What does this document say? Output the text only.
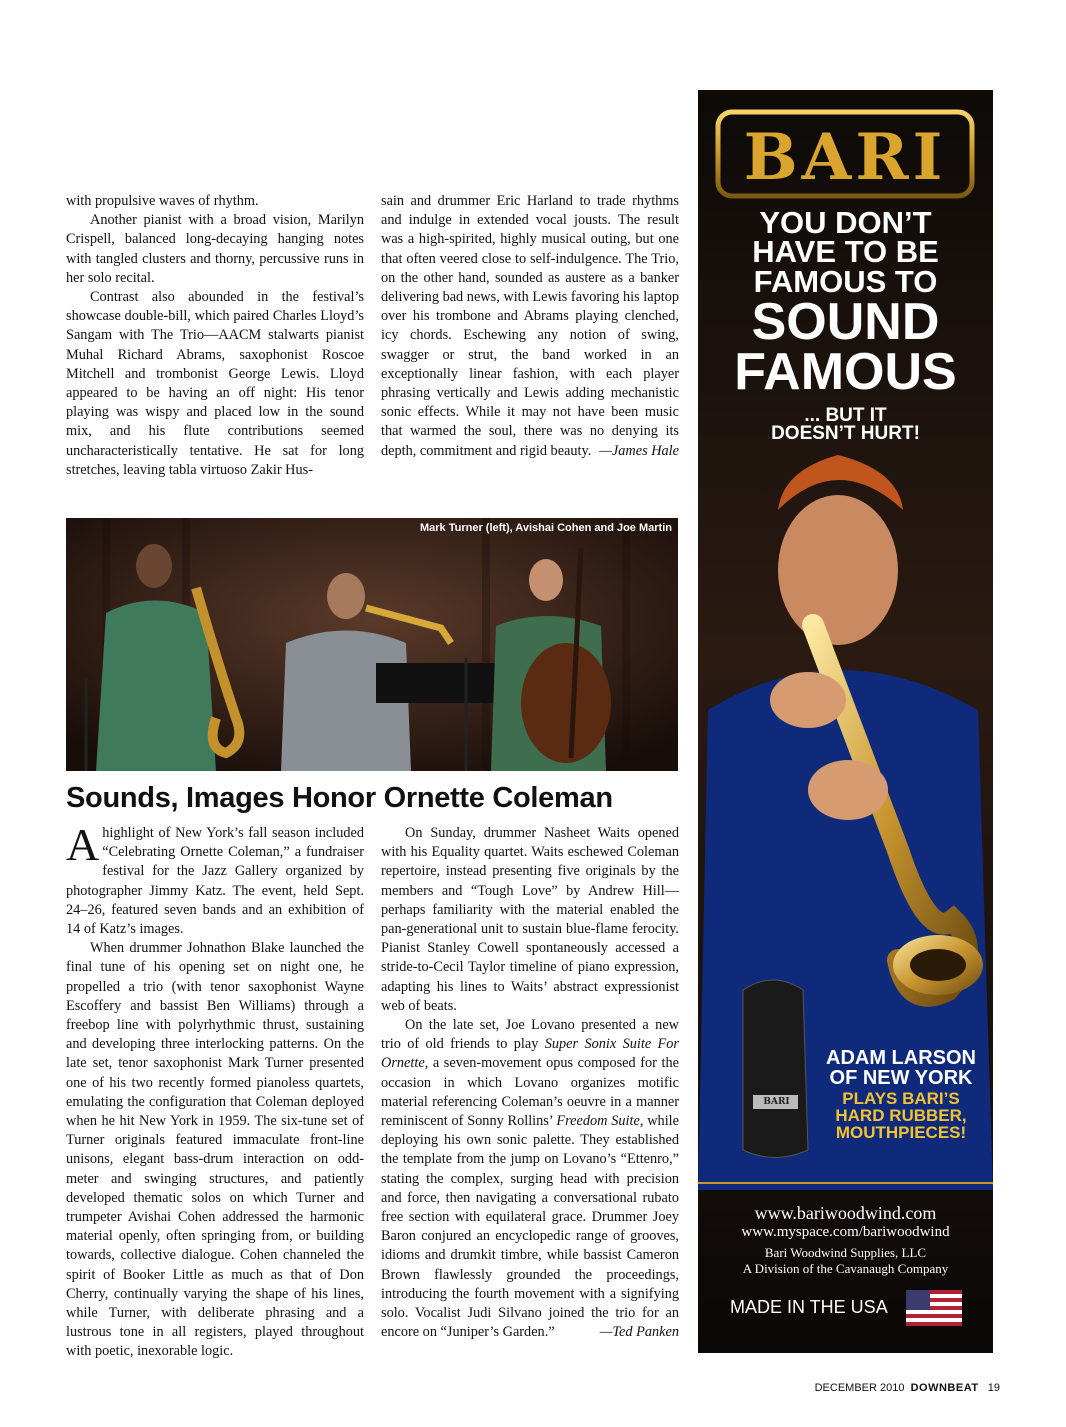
with propulsive waves of rhythm.

Another pianist with a broad vision, Marilyn Crispell, balanced long-decaying hanging notes with tangled clusters and thorny, percussive runs in her solo recital.

Contrast also abounded in the festival’s showcase double-bill, which paired Charles Lloyd’s Sangam with The Trio—AACM stalwarts pianist Muhal Richard Abrams, saxophonist Roscoe Mitchell and trombonist George Lewis. Lloyd appeared to be having an off night: His tenor playing was wispy and placed low in the sound mix, and his flute contributions seemed uncharacteristically tentative. He sat for long stretches, leaving tabla virtuoso Zakir Hus-

sain and drummer Eric Harland to trade rhythms and indulge in extended vocal jousts. The result was a high-spirited, highly musical outing, but one that often veered close to self-indulgence. The Trio, on the other hand, sounded as austere as a banker delivering bad news, with Lewis favoring his laptop over his trombone and Abrams playing clenched, icy chords. Eschewing any notion of swing, swagger or strut, the band worked in an exceptionally linear fashion, with each player phrasing vertically and Lewis adding mechanistic sonic effects. While it may not have been music that warmed the soul, there was no denying its depth, commitment and rigid beauty. —James Hale

Mark Turner (left), Avishai Cohen and Joe Martin
LUCIANO ROSSETTI
Sounds, Images Honor Ornette Coleman

Ahighlight of New York’s fall season included “Celebrating Ornette Coleman,” a fundraiser festival for the Jazz Gallery organized by photographer Jimmy Katz. The event, held Sept. 24–26, featured seven bands and an exhibition of 14 of Katz’s images.

When drummer Johnathon Blake launched the final tune of his opening set on night one, he propelled a trio (with tenor saxophonist Wayne Escoffery and bassist Ben Williams) through a freebop line with polyrhythmic thrust, sustaining and developing three interlocking patterns. On the late set, tenor saxophonist Mark Turner presented one of his two recently formed pianoless quartets, emulating the configuration that Coleman deployed when he hit New York in 1959. The six-tune set of Turner originals featured immaculate front-line unisons, elegant bass-drum interaction on odd-meter and swinging structures, and patiently developed thematic solos on which Turner and trumpeter Avishai Cohen addressed the harmonic material openly, often springing from, or building towards, collective dialogue. Cohen channeled the spirit of Booker Little as much as that of Don Cherry, continually varying the shape of his lines, while Turner, with deliberate phrasing and a lustrous tone in all registers, played throughout with poetic, inexorable logic.

On Sunday, drummer Nasheet Waits opened with his Equality quartet. Waits eschewed Coleman repertoire, instead presenting five originals by the members and “Tough Love” by Andrew Hill—perhaps familiarity with the material enabled the pan-generational unit to sustain blue-flame ferocity. Pianist Stanley Cowell spontaneously accessed a stride-to-Cecil Taylor timeline of piano expression, adapting his lines to Waits’ abstract expressionist web of beats.

On the late set, Joe Lovano presented a new trio of old friends to play Super Sonix Suite For Ornette, a seven-movement opus composed for the occasion in which Lovano organizes motific material referencing Coleman’s oeuvre in a manner reminiscent of Sonny Rollins’ Freedom Suite, while deploying his own sonic palette. They established the template from the jump on Lovano’s “Ettenro,” stating the complex, surging head with precision and force, then navigating a conversational rubato free section with equilateral grace. Drummer Joey Baron conjured an encyclopedic range of grooves, idioms and drumkit timbre, while bassist Cameron Brown flawlessly grounded the proceedings, introducing the fourth movement with a signifying solo. Vocalist Judi Silvano joined the trio for an encore on “Juniper’s Garden.”	—Ted Panken

BARI
YOU DON’T
HAVE TO BE
FAMOUS TO
SOUND
FAMOUS
... BUT IT
DOESN’T HURT!
BARI
ADAM LARSON
OF NEW YORK
PLAYS BARI’S
HARD RUBBER,
MOUTHPIECES!
www.bariwoodwind.com
www.myspace.com/bariwoodwind
Bari Woodwind Supplies, LLC
A Division of the Cavanaugh Company
MADE IN THE USA
DECEMBER 2010 DOWNBEAT 19
